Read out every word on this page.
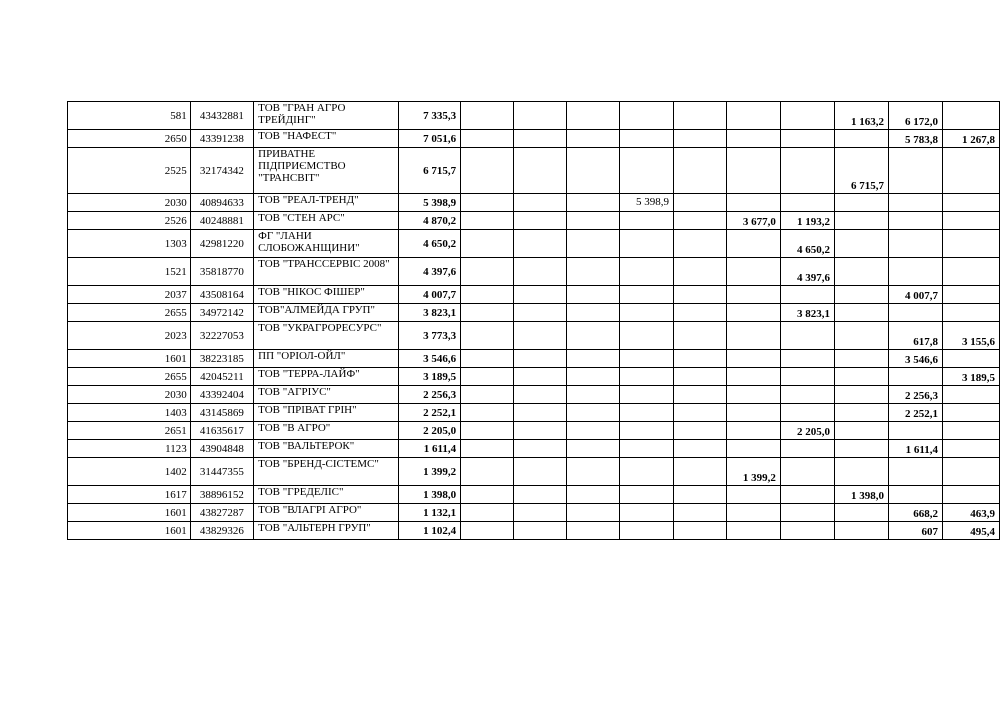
581	43432881	ТОВ "ГРАН АГРО ТРЕЙДІНГ"	7 335,3								1 163,2	6 172,0	
2650	43391238	ТОВ "НАФЕСТ"	7 051,6									5 783,8	1 267,8
2525	32174342	ПРИВАТНЕ ПІДПРИЄМСТВО "ТРАНСВІТ"	6 715,7								6 715,7		
2030	40894633	ТОВ "РЕАЛ-ТРЕНД"	5 398,9				5 398,9						
2526	40248881	ТОВ "СТЕН АРС"	4 870,2						3 677,0	1 193,2			
1303	42981220	ФГ "ЛАНИ СЛОБОЖАНЩИНИ"	4 650,2							4 650,2			
1521	35818770	ТОВ "ТРАНССЕРВІС 2008"	4 397,6							4 397,6			
2037	43508164	ТОВ "НІКОС ФІШЕР"	4 007,7									4 007,7	
2655	34972142	ТОВ"АЛМЕЙДА ГРУП"	3 823,1							3 823,1			
2023	32227053	ТОВ "УКРАГРОРЕСУРС"	3 773,3									617,8	3 155,6
1601	38223185	ПП "ОРІОЛ-ОЙЛ"	3 546,6									3 546,6	
2655	42045211	ТОВ "ТЕРРА-ЛАЙФ"	3 189,5										3 189,5
2030	43392404	ТОВ "АГРІУС"	2 256,3									2 256,3	
1403	43145869	ТОВ "ПРІВАТ ГРІН"	2 252,1									2 252,1	
2651	41635617	ТОВ "В АГРО"	2 205,0							2 205,0			
1123	43904848	ТОВ "ВАЛЬТЕРОК"	1 611,4									1 611,4	
1402	31447355	ТОВ "БРЕНД-СІСТЕМС"	1 399,2						1 399,2				
1617	38896152	ТОВ "ГРЕДЕЛІС"	1 398,0								1 398,0		
1601	43827287	ТОВ "ВЛАГРІ АГРО"	1 132,1									668,2	463,9
1601	43829326	ТОВ "АЛЬТЕРН ГРУП"	1 102,4									607	495,4
